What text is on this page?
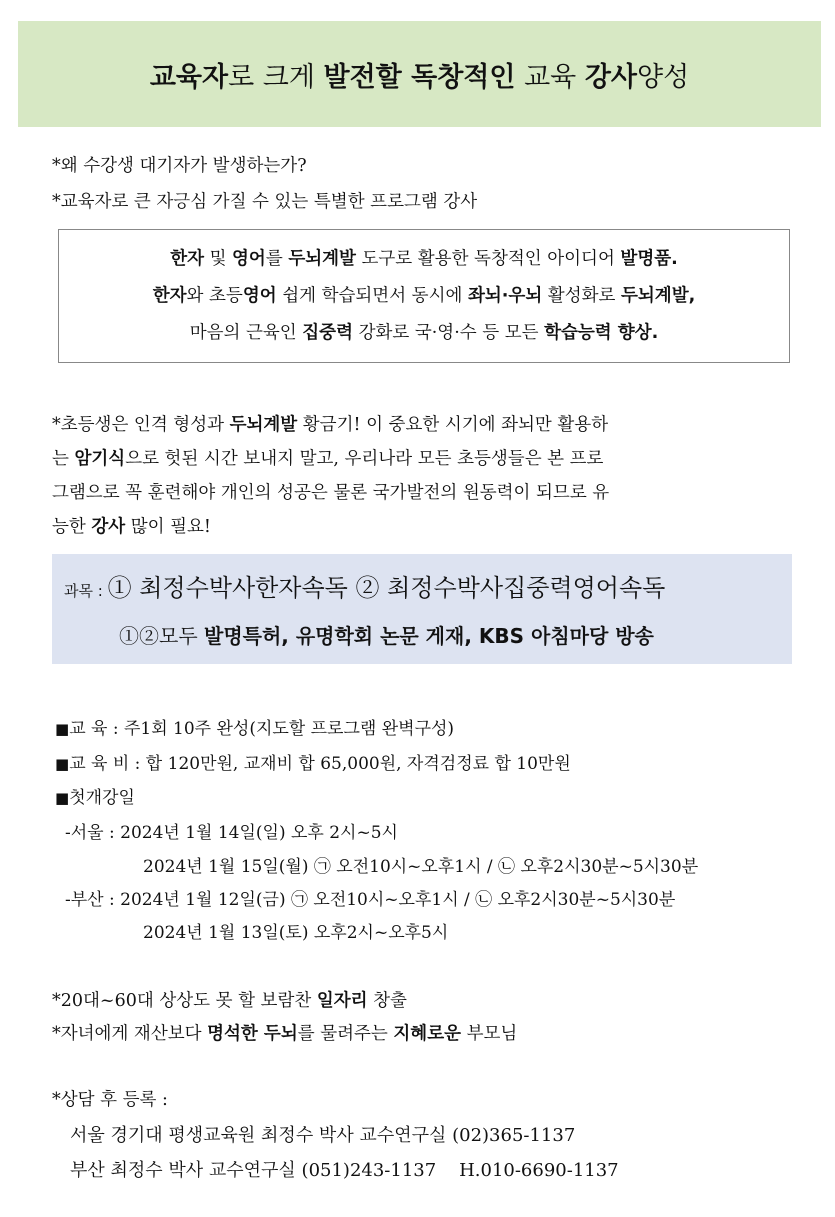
교육자로 크게 발전할 독창적인 교육 강사양성
*왜 수강생 대기자가 발생하는가?
*교육자로 큰 자긍심 가질 수 있는 특별한 프로그램 강사
한자 및 영어를 두뇌계발 도구로 활용한 독창적인 아이디어 발명품.
한자와 초등영어 쉽게 학습되면서 동시에 좌뇌·우뇌 활성화로 두뇌계발,
마음의 근육인 집중력 강화로 국·영·수 등 모든 학습능력 향상.
*초등생은 인격 형성과 두뇌계발 황금기! 이 중요한 시기에 좌뇌만 활용하
는 암기식으로 헛된 시간 보내지 말고, 우리나라 모든 초등생들은 본 프로
그램으로 꼭 훈련해야 개인의 성공은 물론 국가발전의 원동력이 되므로 유
능한 강사 많이 필요!
과목 : ① 최정수박사한자속독 ② 최정수박사집중력영어속독
①②모두 발명특허, 유명학회 논문 게재, KBS 아침마당 방송
■교 육 : 주1회 10주 완성(지도할 프로그램 완벽구성)
■교 육 비 : 합 120만원, 교재비 합 65,000원, 자격검정료 합 10만원
■첫개강일
-서울 : 2024년 1월 14일(일) 오후 2시~5시
2024년 1월 15일(월) ㉠ 오전10시~오후1시 / ㉡ 오후2시30분~5시30분
-부산 : 2024년 1월 12일(금) ㉠ 오전10시~오후1시 / ㉡ 오후2시30분~5시30분
2024년 1월 13일(토) 오후2시~오후5시
*20대~60대 상상도 못 할 보람찬 일자리 창출
*자녀에게 재산보다 명석한 두뇌를 물려주는 지혜로운 부모님
*상담 후 등록 :
서울 경기대 평생교육원 최정수 박사 교수연구실 (02)365-1137
부산 최정수 박사 교수연구실 (051)243-1137    H.010-6690-1137
